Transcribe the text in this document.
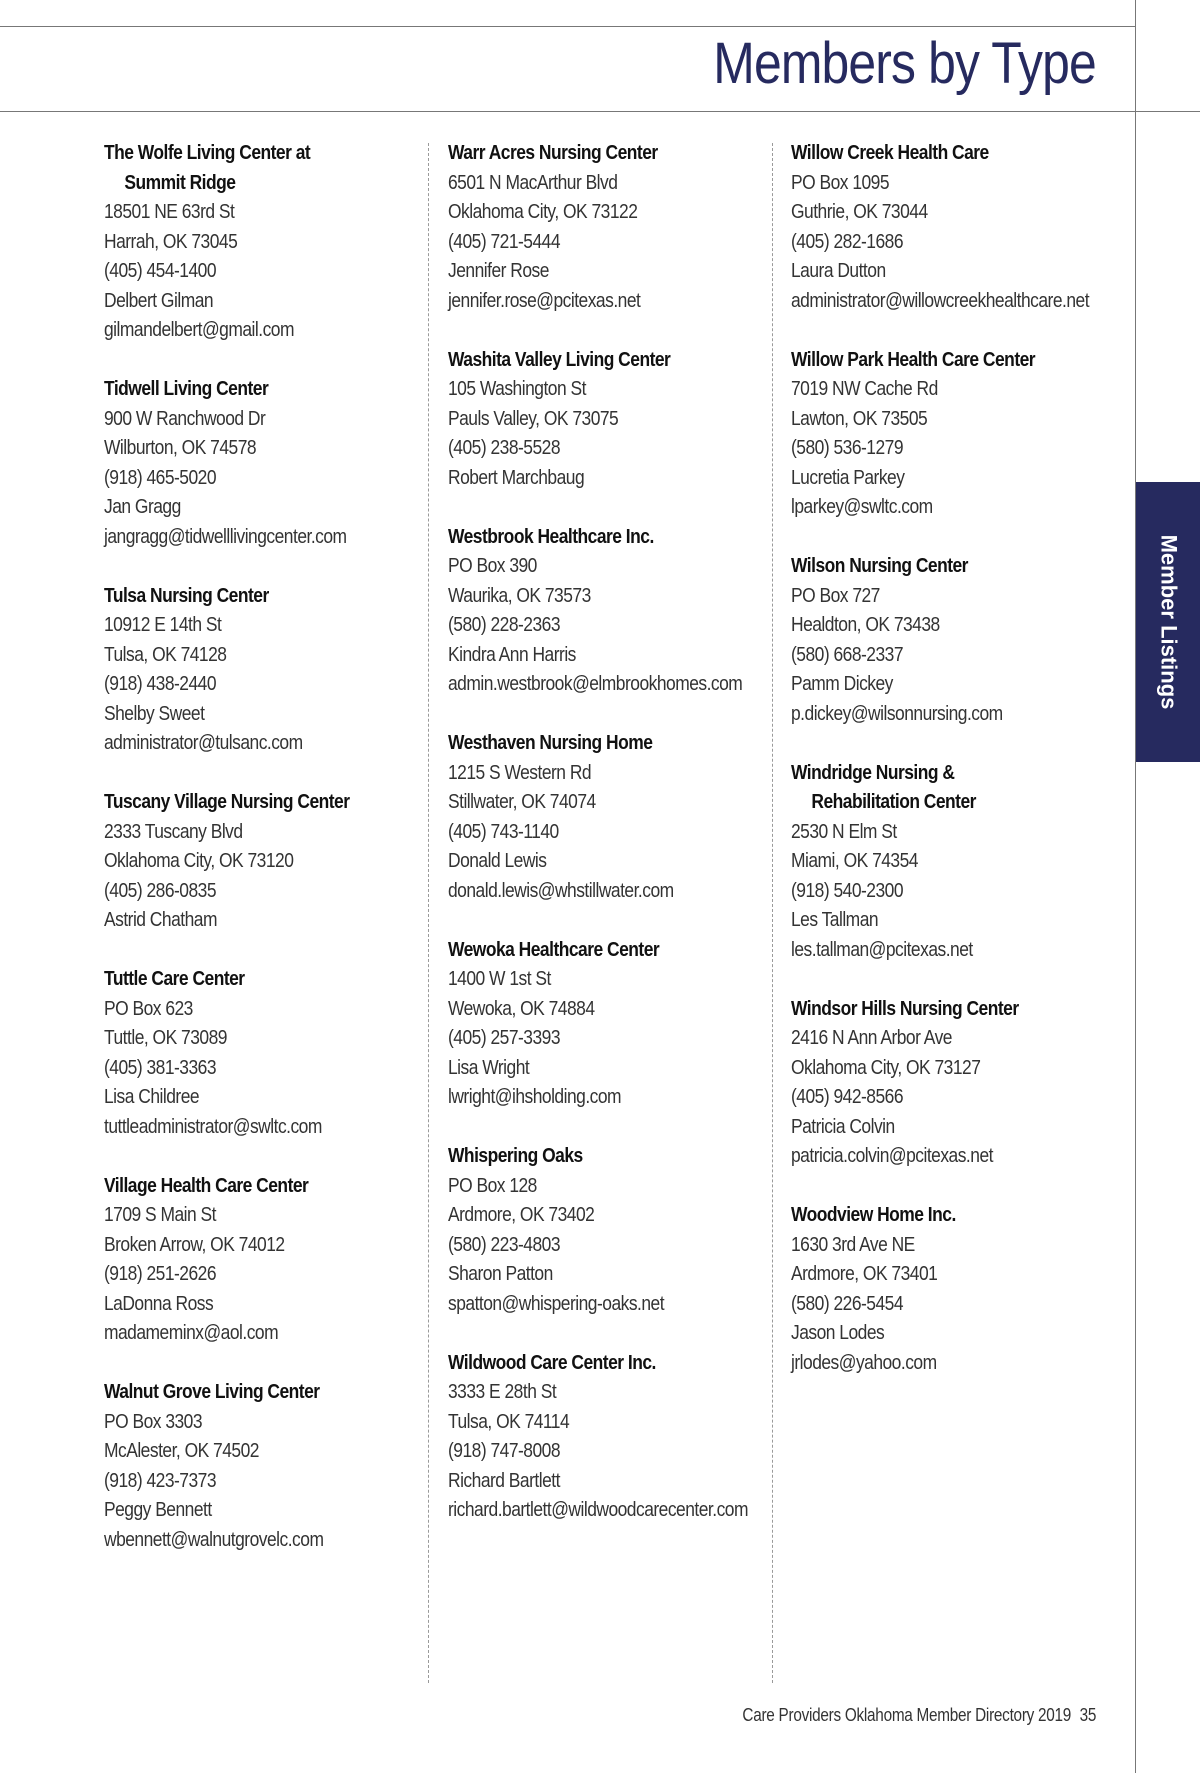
Members by Type
Member Listings
The Wolfe Living Center at
Summit Ridge
18501 NE 63rd St
Harrah, OK 73045
(405) 454-1400
Delbert Gilman
gilmandelbert@gmail.com
Tidwell Living Center
900 W Ranchwood Dr
Wilburton, OK 74578
(918) 465-5020
Jan Gragg
jangragg@tidwelllivingcenter.com
Tulsa Nursing Center
10912 E 14th St
Tulsa, OK 74128
(918) 438-2440
Shelby Sweet
administrator@tulsanc.com
Tuscany Village Nursing Center
2333 Tuscany Blvd
Oklahoma City, OK 73120
(405) 286-0835
Astrid Chatham
Tuttle Care Center
PO Box 623
Tuttle, OK 73089
(405) 381-3363
Lisa Childree
tuttleadministrator@swltc.com
Village Health Care Center
1709 S Main St
Broken Arrow, OK 74012
(918) 251-2626
LaDonna Ross
madameminx@aol.com
Walnut Grove Living Center
PO Box 3303
McAlester, OK 74502
(918) 423-7373
Peggy Bennett
wbennett@walnutgrovelc.com
Warr Acres Nursing Center
6501 N MacArthur Blvd
Oklahoma City, OK 73122
(405) 721-5444
Jennifer Rose
jennifer.rose@pcitexas.net
Washita Valley Living Center
105 Washington St
Pauls Valley, OK 73075
(405) 238-5528
Robert Marchbaug
Westbrook Healthcare Inc.
PO Box 390
Waurika, OK 73573
(580) 228-2363
Kindra Ann Harris
admin.westbrook@elmbrookhomes.com
Westhaven Nursing Home
1215 S Western Rd
Stillwater, OK 74074
(405) 743-1140
Donald Lewis
donald.lewis@whstillwater.com
Wewoka Healthcare Center
1400 W 1st St
Wewoka, OK 74884
(405) 257-3393
Lisa Wright
lwright@ihsholding.com
Whispering Oaks
PO Box 128
Ardmore, OK 73402
(580) 223-4803
Sharon Patton
spatton@whispering-oaks.net
Wildwood Care Center Inc.
3333 E 28th St
Tulsa, OK 74114
(918) 747-8008
Richard Bartlett
richard.bartlett@wildwoodcarecenter.com
Willow Creek Health Care
PO Box 1095
Guthrie, OK 73044
(405) 282-1686
Laura Dutton
administrator@willowcreekhealthcare.net
Willow Park Health Care Center
7019 NW Cache Rd
Lawton, OK 73505
(580) 536-1279
Lucretia Parkey
lparkey@swltc.com
Wilson Nursing Center
PO Box 727
Healdton, OK 73438
(580) 668-2337
Pamm Dickey
p.dickey@wilsonnursing.com
Windridge Nursing &
Rehabilitation Center
2530 N Elm St
Miami, OK 74354
(918) 540-2300
Les Tallman
les.tallman@pcitexas.net
Windsor Hills Nursing Center
2416 N Ann Arbor Ave
Oklahoma City, OK 73127
(405) 942-8566
Patricia Colvin
patricia.colvin@pcitexas.net
Woodview Home Inc.
1630 3rd Ave NE
Ardmore, OK 73401
(580) 226-5454
Jason Lodes
jrlodes@yahoo.com
Care Providers Oklahoma Member Directory 2019 35
